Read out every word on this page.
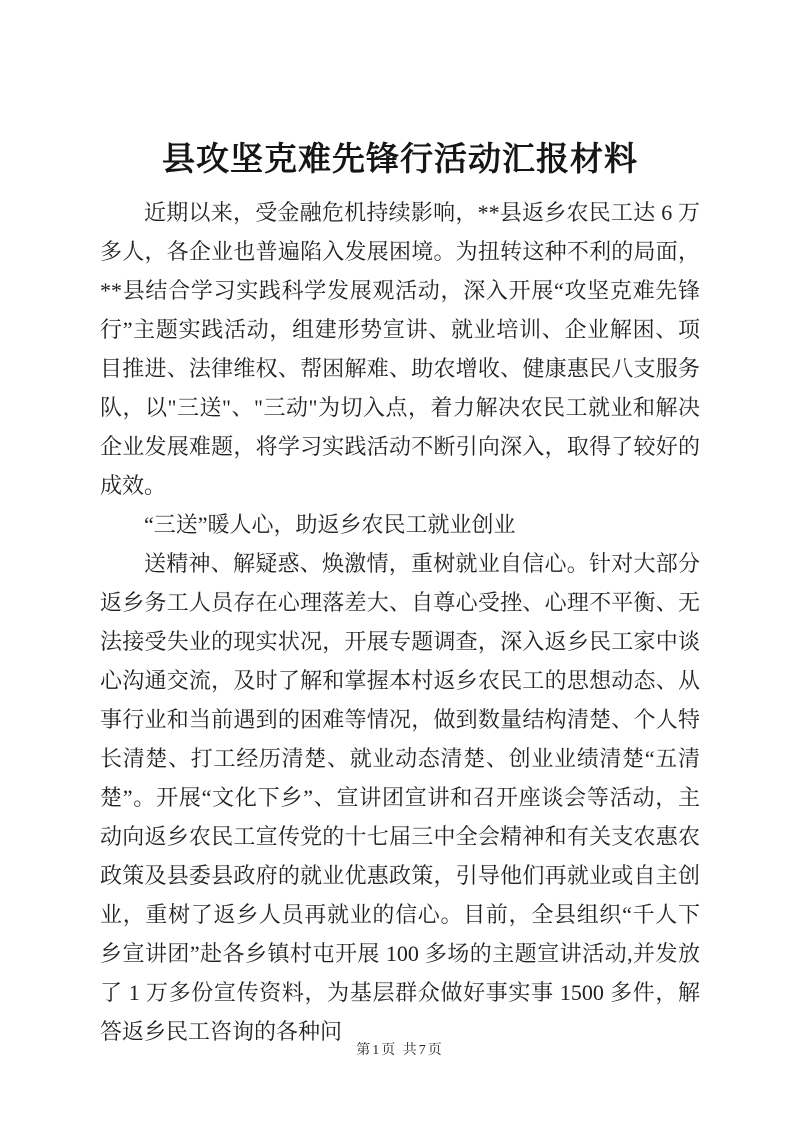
县攻坚克难先锋行活动汇报材料

近期以来，受金融危机持续影响，**县返乡农民工达 6 万多人，各企业也普遍陷入发展困境。为扭转这种不利的局面，**县结合学习实践科学发展观活动，深入开展“攻坚克难先锋行”主题实践活动，组建形势宣讲、就业培训、企业解困、项目推进、法律维权、帮困解难、助农增收、健康惠民八支服务队，以"三送"、"三动"为切入点，着力解决农民工就业和解决企业发展难题，将学习实践活动不断引向深入，取得了较好的成效。

“三送”暖人心，助返乡农民工就业创业

送精神、解疑惑、焕激情，重树就业自信心。针对大部分返乡务工人员存在心理落差大、自尊心受挫、心理不平衡、无法接受失业的现实状况，开展专题调查，深入返乡民工家中谈心沟通交流，及时了解和掌握本村返乡农民工的思想动态、从事行业和当前遇到的困难等情况，做到数量结构清楚、个人特长清楚、打工经历清楚、就业动态清楚、创业业绩清楚“五清楚”。开展“文化下乡”、宣讲团宣讲和召开座谈会等活动，主动向返乡农民工宣传党的十七届三中全会精神和有关支农惠农政策及县委县政府的就业优惠政策，引导他们再就业或自主创业，重树了返乡人员再就业的信心。目前，全县组织“千人下乡宣讲团”赴各乡镇村屯开展 100 多场的主题宣讲活动,并发放了 1 万多份宣传资料，为基层群众做好事实事 1500 多件，解答返乡民工咨询的各种问

第1页 共7页
